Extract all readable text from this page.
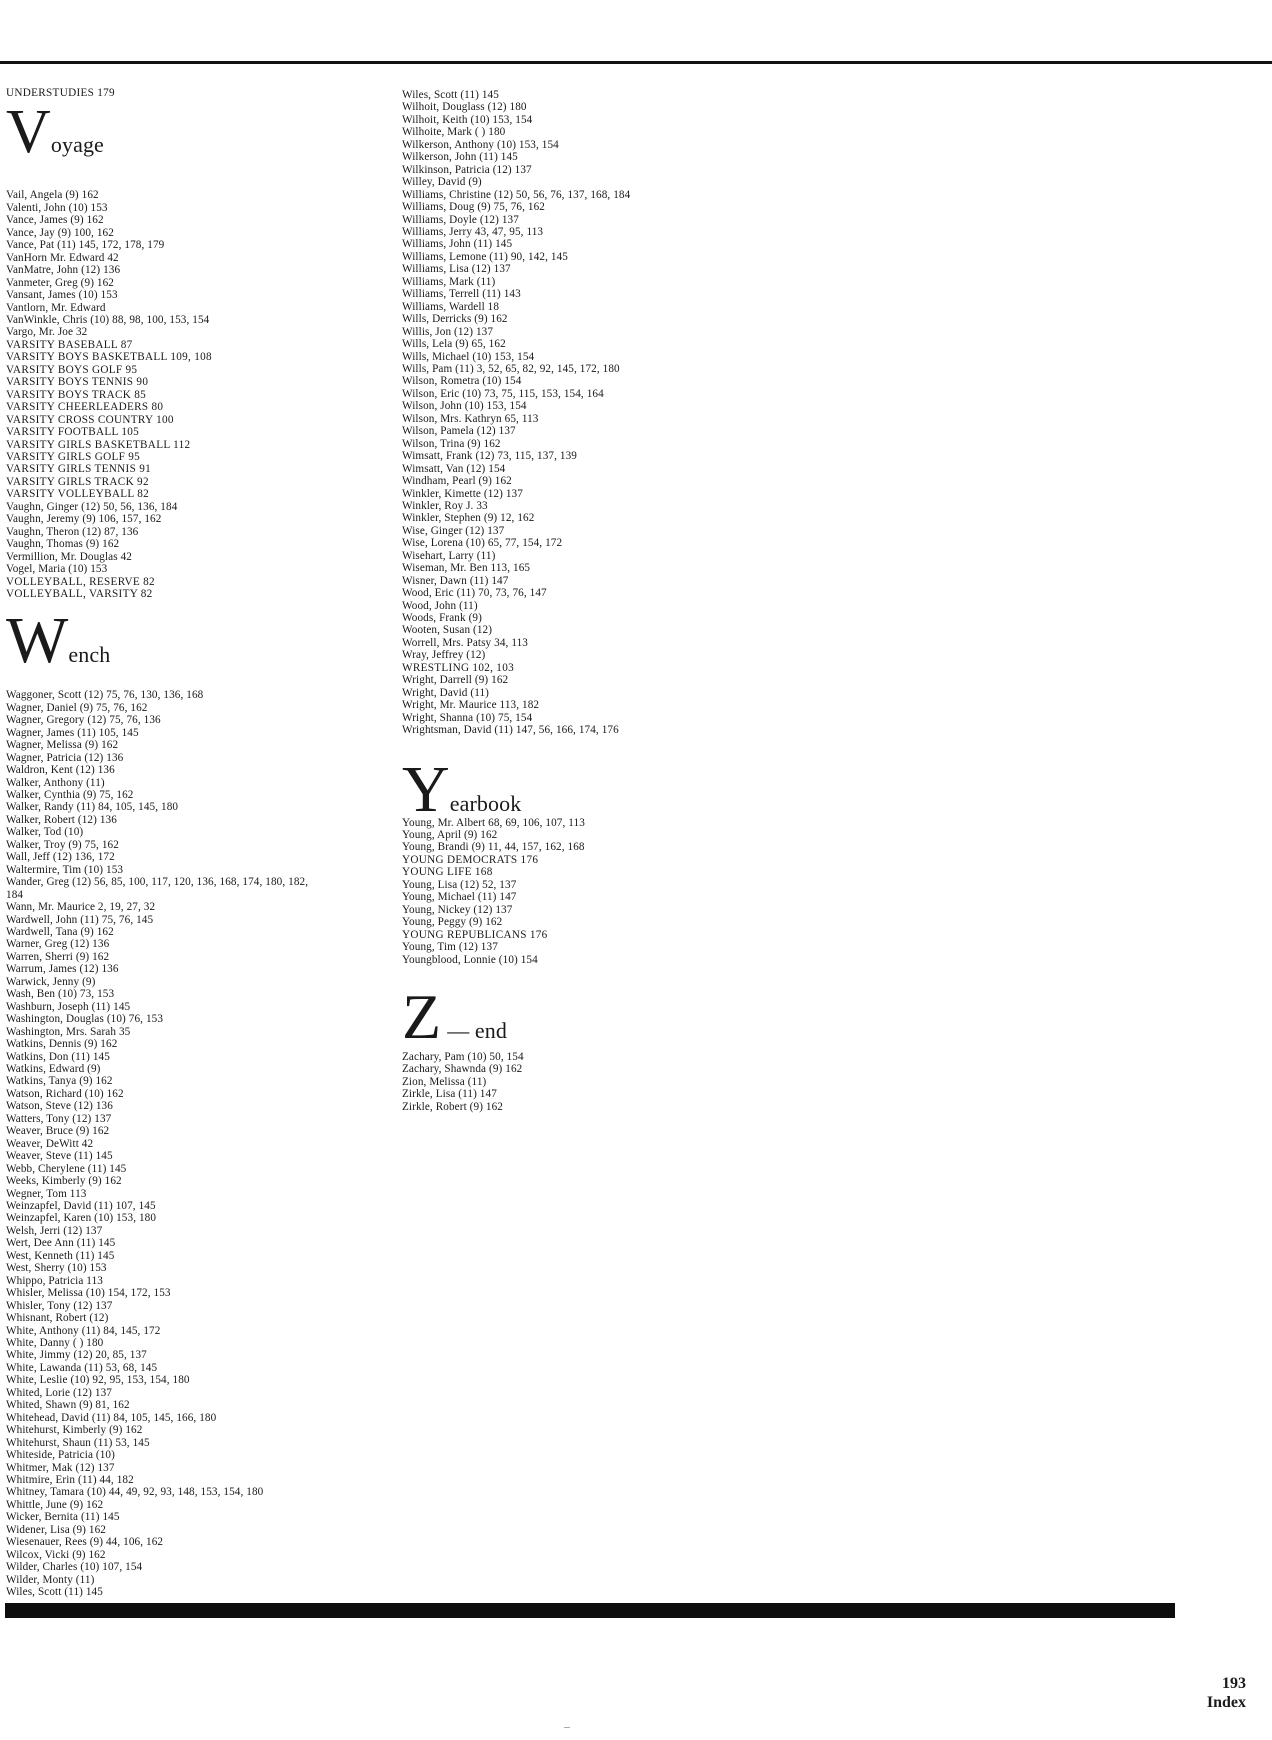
UNDERSTUDIES 179
V oyage
Vail, Angela (9) 162
Valenti, John (10) 153
Vance, James (9) 162
Vance, Jay (9) 100, 162
Vance, Pat (11) 145, 172, 178, 179
VanHorn Mr. Edward 42
VanMatre, John (12) 136
Vanmeter, Greg (9) 162
Vansant, James (10) 153
Vantlorn, Mr. Edward
VanWinkle, Chris (10) 88, 98, 100, 153, 154
Vargo, Mr. Joe 32
VARSITY BASEBALL 87
VARSITY BOYS BASKETBALL 109, 108
VARSITY BOYS GOLF 95
VARSITY BOYS TENNIS 90
VARSITY BOYS TRACK 85
VARSITY CHEERLEADERS 80
VARSITY CROSS COUNTRY 100
VARSITY FOOTBALL 105
VARSITY GIRLS BASKETBALL 112
VARSITY GIRLS GOLF 95
VARSITY GIRLS TENNIS 91
VARSITY GIRLS TRACK 92
VARSITY VOLLEYBALL 82
Vaughn, Ginger (12) 50, 56, 136, 184
Vaughn, Jeremy (9) 106, 157, 162
Vaughn, Theron (12) 87, 136
Vaughn, Thomas (9) 162
Vermillion, Mr. Douglas 42
Vogel, Maria (10) 153
VOLLEYBALL, RESERVE 82
VOLLEYBALL, VARSITY 82
W ench
Waggoner, Scott (12) 75, 76, 130, 136, 168
Wagner, Daniel (9) 75, 76, 162
Wagner, Gregory (12) 75, 76, 136
Wagner, James (11) 105, 145
Wagner, Melissa (9) 162
Wagner, Patricia (12) 136
Waldron, Kent (12) 136
Walker, Anthony (11)
Walker, Cynthia (9) 75, 162
Walker, Randy (11) 84, 105, 145, 180
Walker, Robert (12) 136
Walker, Tod (10)
Walker, Troy (9) 75, 162
Wall, Jeff (12) 136, 172
Waltermire, Tim (10) 153
Wander, Greg (12) 56, 85, 100, 117, 120, 136, 168, 174, 180, 182,
184
Wann, Mr. Maurice 2, 19, 27, 32
Wardwell, John (11) 75, 76, 145
Wardwell, Tana (9) 162
Warner, Greg (12) 136
Warren, Sherri (9) 162
Warrum, James (12) 136
Warwick, Jenny (9)
Wash, Ben (10) 73, 153
Washburn, Joseph (11) 145
Washington, Douglas (10) 76, 153
Washington, Mrs. Sarah 35
Watkins, Dennis (9) 162
Watkins, Don (11) 145
Watkins, Edward (9)
Watkins, Tanya (9) 162
Watson, Richard (10) 162
Watson, Steve (12) 136
Watters, Tony (12) 137
Weaver, Bruce (9) 162
Weaver, DeWitt 42
Weaver, Steve (11) 145
Webb, Cherylene (11) 145
Weeks, Kimberly (9) 162
Wegner, Tom 113
Weinzapfel, David (11) 107, 145
Weinzapfel, Karen (10) 153, 180
Welsh, Jerri (12) 137
Wert, Dee Ann (11) 145
West, Kenneth (11) 145
West, Sherry (10) 153
Whippo, Patricia 113
Whisler, Melissa (10) 154, 172, 153
Whisler, Tony (12) 137
Whisnant, Robert (12)
White, Anthony (11) 84, 145, 172
White, Danny ( ) 180
White, Jimmy (12) 20, 85, 137
White, Lawanda (11) 53, 68, 145
White, Leslie (10) 92, 95, 153, 154, 180
Whited, Lorie (12) 137
Whited, Shawn (9) 81, 162
Whitehead, David (11) 84, 105, 145, 166, 180
Whitehurst, Kimberly (9) 162
Whitehurst, Shaun (11) 53, 145
Whiteside, Patricia (10)
Whitmer, Mak (12) 137
Whitmire, Erin (11) 44, 182
Whitney, Tamara (10) 44, 49, 92, 93, 148, 153, 154, 180
Whittle, June (9) 162
Wicker, Bernita (11) 145
Widener, Lisa (9) 162
Wiesenauer, Rees (9) 44, 106, 162
Wilcox, Vicki (9) 162
Wilder, Charles (10) 107, 154
Wilder, Monty (11)
Wiles, Scott (11) 145
Wiles, Scott (11) 145
Wilhoit, Douglass (12) 180
Wilhoit, Keith (10) 153, 154
Wilhoite, Mark ( ) 180
Wilkerson, Anthony (10) 153, 154
Wilkerson, John (11) 145
Wilkinson, Patricia (12) 137
Willey, David (9)
Williams, Christine (12) 50, 56, 76, 137, 168, 184
Williams, Doug (9) 75, 76, 162
Williams, Doyle (12) 137
Williams, Jerry 43, 47, 95, 113
Williams, John (11) 145
Williams, Lemone (11) 90, 142, 145
Williams, Lisa (12) 137
Williams, Mark (11)
Williams, Terrell (11) 143
Williams, Wardell 18
Wills, Derricks (9) 162
Willis, Jon (12) 137
Wills, Lela (9) 65, 162
Wills, Michael (10) 153, 154
Wills, Pam (11) 3, 52, 65, 82, 92, 145, 172, 180
Wilson, Rometra (10) 154
Wilson, Eric (10) 73, 75, 115, 153, 154, 164
Wilson, John (10) 153, 154
Wilson, Mrs. Kathryn 65, 113
Wilson, Pamela (12) 137
Wilson, Trina (9) 162
Wimsatt, Frank (12) 73, 115, 137, 139
Wimsatt, Van (12) 154
Windham, Pearl (9) 162
Winkler, Kimette (12) 137
Winkler, Roy J. 33
Winkler, Stephen (9) 12, 162
Wise, Ginger (12) 137
Wise, Lorena (10) 65, 77, 154, 172
Wisehart, Larry (11)
Wiseman, Mr. Ben 113, 165
Wisner, Dawn (11) 147
Wood, Eric (11) 70, 73, 76, 147
Wood, John (11)
Woods, Frank (9)
Wooten, Susan (12)
Worrell, Mrs. Patsy 34, 113
Wray, Jeffrey (12)
WRESTLING 102, 103
Wright, Darrell (9) 162
Wright, David (11)
Wright, Mr. Maurice 113, 182
Wright, Shanna (10) 75, 154
Wrightsman, David (11) 147, 56, 166, 174, 176
Y earbook
Young, Mr. Albert 68, 69, 106, 107, 113
Young, April (9) 162
Young, Brandi (9) 11, 44, 157, 162, 168
YOUNG DEMOCRATS 176
YOUNG LIFE 168
Young, Lisa (12) 52, 137
Young, Michael (11) 147
Young, Nickey (12) 137
Young, Peggy (9) 162
YOUNG REPUBLICANS 176
Young, Tim (12) 137
Youngblood, Lonnie (10) 154
Z — end
Zachary, Pam (10) 50, 154
Zachary, Shawnda (9) 162
Zion, Melissa (11)
Zirkle, Lisa (11) 147
Zirkle, Robert (9) 162
193
Index
